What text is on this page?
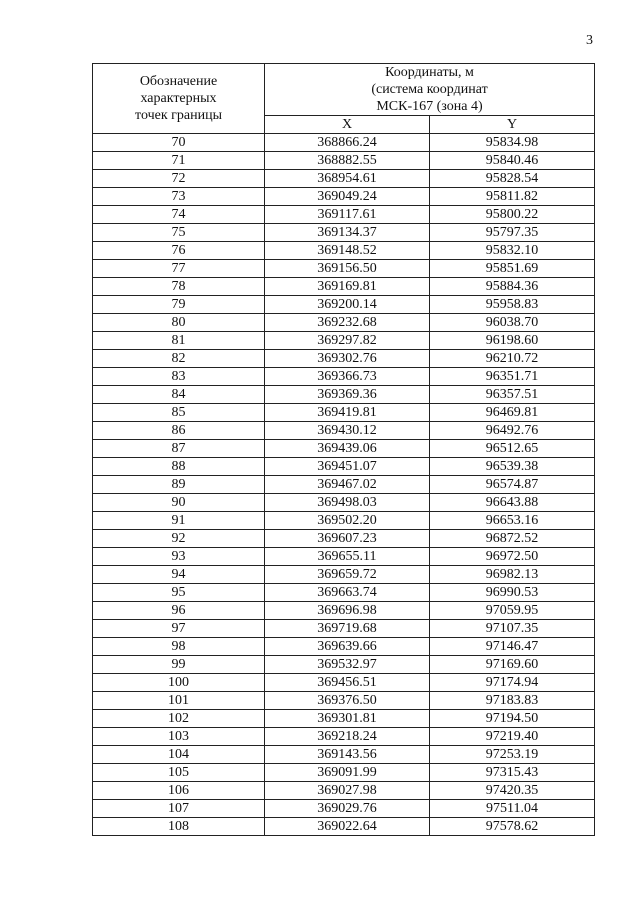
3
Обозначение
характерных
точек границы	Координаты, м
(система координат
МСК-167 (зона 4)	

	X	Y
70	368866.24	95834.98
71	368882.55	95840.46
72	368954.61	95828.54
73	369049.24	95811.82
74	369117.61	95800.22
75	369134.37	95797.35
76	369148.52	95832.10
77	369156.50	95851.69
78	369169.81	95884.36
79	369200.14	95958.83
80	369232.68	96038.70
81	369297.82	96198.60
82	369302.76	96210.72
83	369366.73	96351.71
84	369369.36	96357.51
85	369419.81	96469.81
86	369430.12	96492.76
87	369439.06	96512.65
88	369451.07	96539.38
89	369467.02	96574.87
90	369498.03	96643.88
91	369502.20	96653.16
92	369607.23	96872.52
93	369655.11	96972.50
94	369659.72	96982.13
95	369663.74	96990.53
96	369696.98	97059.95
97	369719.68	97107.35
98	369639.66	97146.47
99	369532.97	97169.60
100	369456.51	97174.94
101	369376.50	97183.83
102	369301.81	97194.50
103	369218.24	97219.40
104	369143.56	97253.19
105	369091.99	97315.43
106	369027.98	97420.35
107	369029.76	97511.04
108	369022.64	97578.62
